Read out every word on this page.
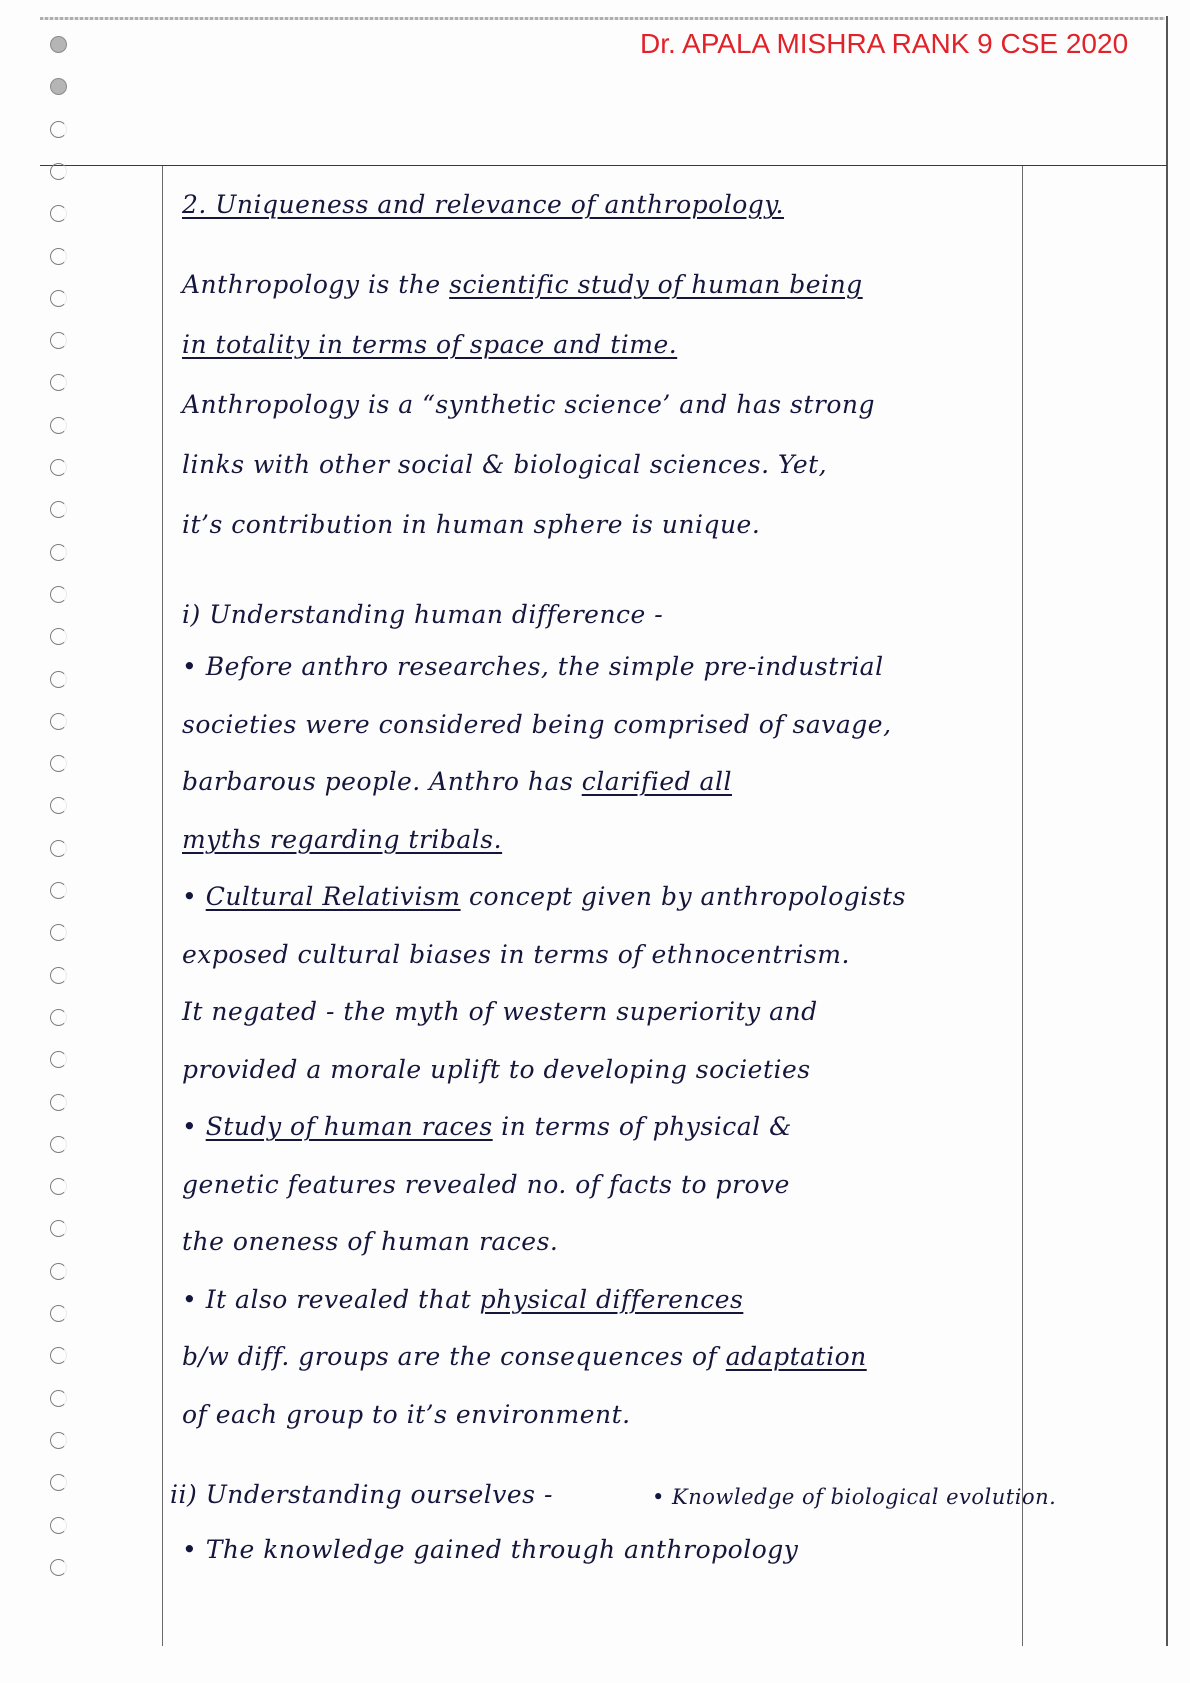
Dr. APALA MISHRA RANK 9 CSE 2020
2. Uniqueness and relevance of anthropology.
Anthropology is the scientific study of human being
in totality in terms of space and time.
Anthropology is a “synthetic science’ and has strong
links with other social & biological sciences. Yet,
it’s contribution in human sphere is unique.
i) Understanding human difference -
• Before anthro researches, the simple pre-industrial
societies were considered being comprised of savage,
barbarous people. Anthro has clarified all
myths regarding tribals.
• Cultural Relativism concept given by anthropologists
exposed cultural biases in terms of ethnocentrism.
It negated - the myth of western superiority and
provided a morale uplift to developing societies
• Study of human races in terms of physical &
genetic features revealed no. of facts to prove
the oneness of human races.
• It also revealed that physical differences
b/w diff. groups are the consequences of adaptation
of each group to it’s environment.
ii) Understanding ourselves -	• Knowledge of biological evolution.
• The knowledge gained through anthropology
